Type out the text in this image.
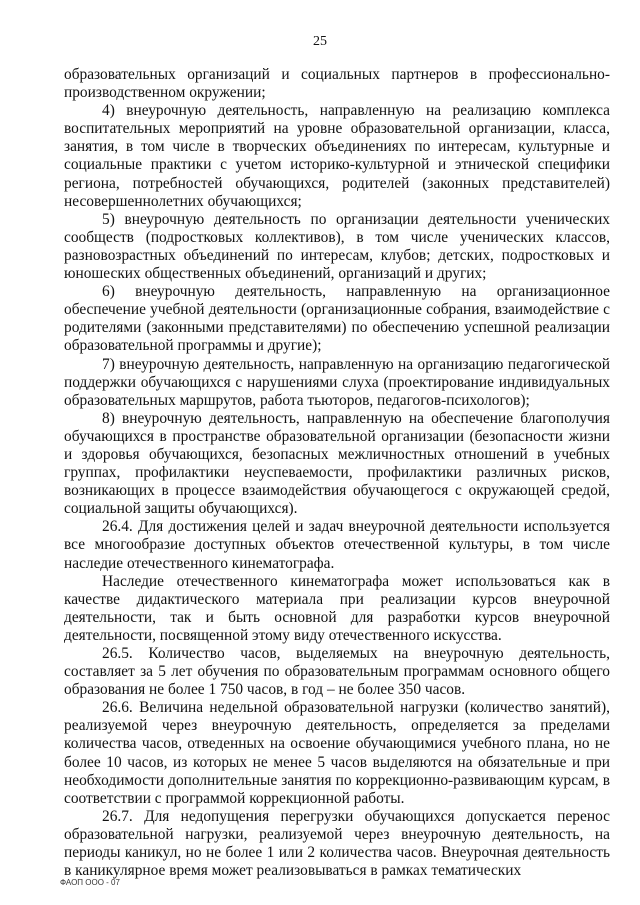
25

образовательных организаций и социальных партнеров в профессионально-производственном окружении;

4) внеурочную деятельность, направленную на реализацию комплекса воспитательных мероприятий на уровне образовательной организации, класса, занятия, в том числе в творческих объединениях по интересам, культурные и социальные практики с учетом историко-культурной и этнической специфики региона, потребностей обучающихся, родителей (законных представителей) несовершеннолетних обучающихся;

5) внеурочную деятельность по организации деятельности ученических сообществ (подростковых коллективов), в том числе ученических классов, разновозрастных объединений по интересам, клубов; детских, подростковых и юношеских общественных объединений, организаций и других;

6) внеурочную деятельность, направленную на организационное обеспечение учебной деятельности (организационные собрания, взаимодействие с родителями (законными представителями) по обеспечению успешной реализации образовательной программы и другие);

7) внеурочную деятельность, направленную на организацию педагогической поддержки обучающихся с нарушениями слуха (проектирование индивидуальных образовательных маршрутов, работа тьюторов, педагогов-психологов);

8) внеурочную деятельность, направленную на обеспечение благополучия обучающихся в пространстве образовательной организации (безопасности жизни и здоровья обучающихся, безопасных межличностных отношений в учебных группах, профилактики неуспеваемости, профилактики различных рисков, возникающих в процессе взаимодействия обучающегося с окружающей средой, социальной защиты обучающихся).

26.4. Для достижения целей и задач внеурочной деятельности используется все многообразие доступных объектов отечественной культуры, в том числе наследие отечественного кинематографа.

Наследие отечественного кинематографа может использоваться как в качестве дидактического материала при реализации курсов внеурочной деятельности, так и быть основной для разработки курсов внеурочной деятельности, посвященной этому виду отечественного искусства.

26.5. Количество часов, выделяемых на внеурочную деятельность, составляет за 5 лет обучения по образовательным программам основного общего образования не более 1 750 часов, в год – не более 350 часов.

26.6. Величина недельной образовательной нагрузки (количество занятий), реализуемой через внеурочную деятельность, определяется за пределами количества часов, отведенных на освоение обучающимися учебного плана, но не более 10 часов, из которых не менее 5 часов выделяются на обязательные и при необходимости дополнительные занятия по коррекционно-развивающим курсам, в соответствии с программой коррекционной работы.

26.7. Для недопущения перегрузки обучающихся допускается перенос образовательной нагрузки, реализуемой через внеурочную деятельность, на периоды каникул, но не более 1 или 2 количества часов. Внеурочная деятельность в каникулярное время может реализовываться в рамках тематических

ФАОП ООО - 07
